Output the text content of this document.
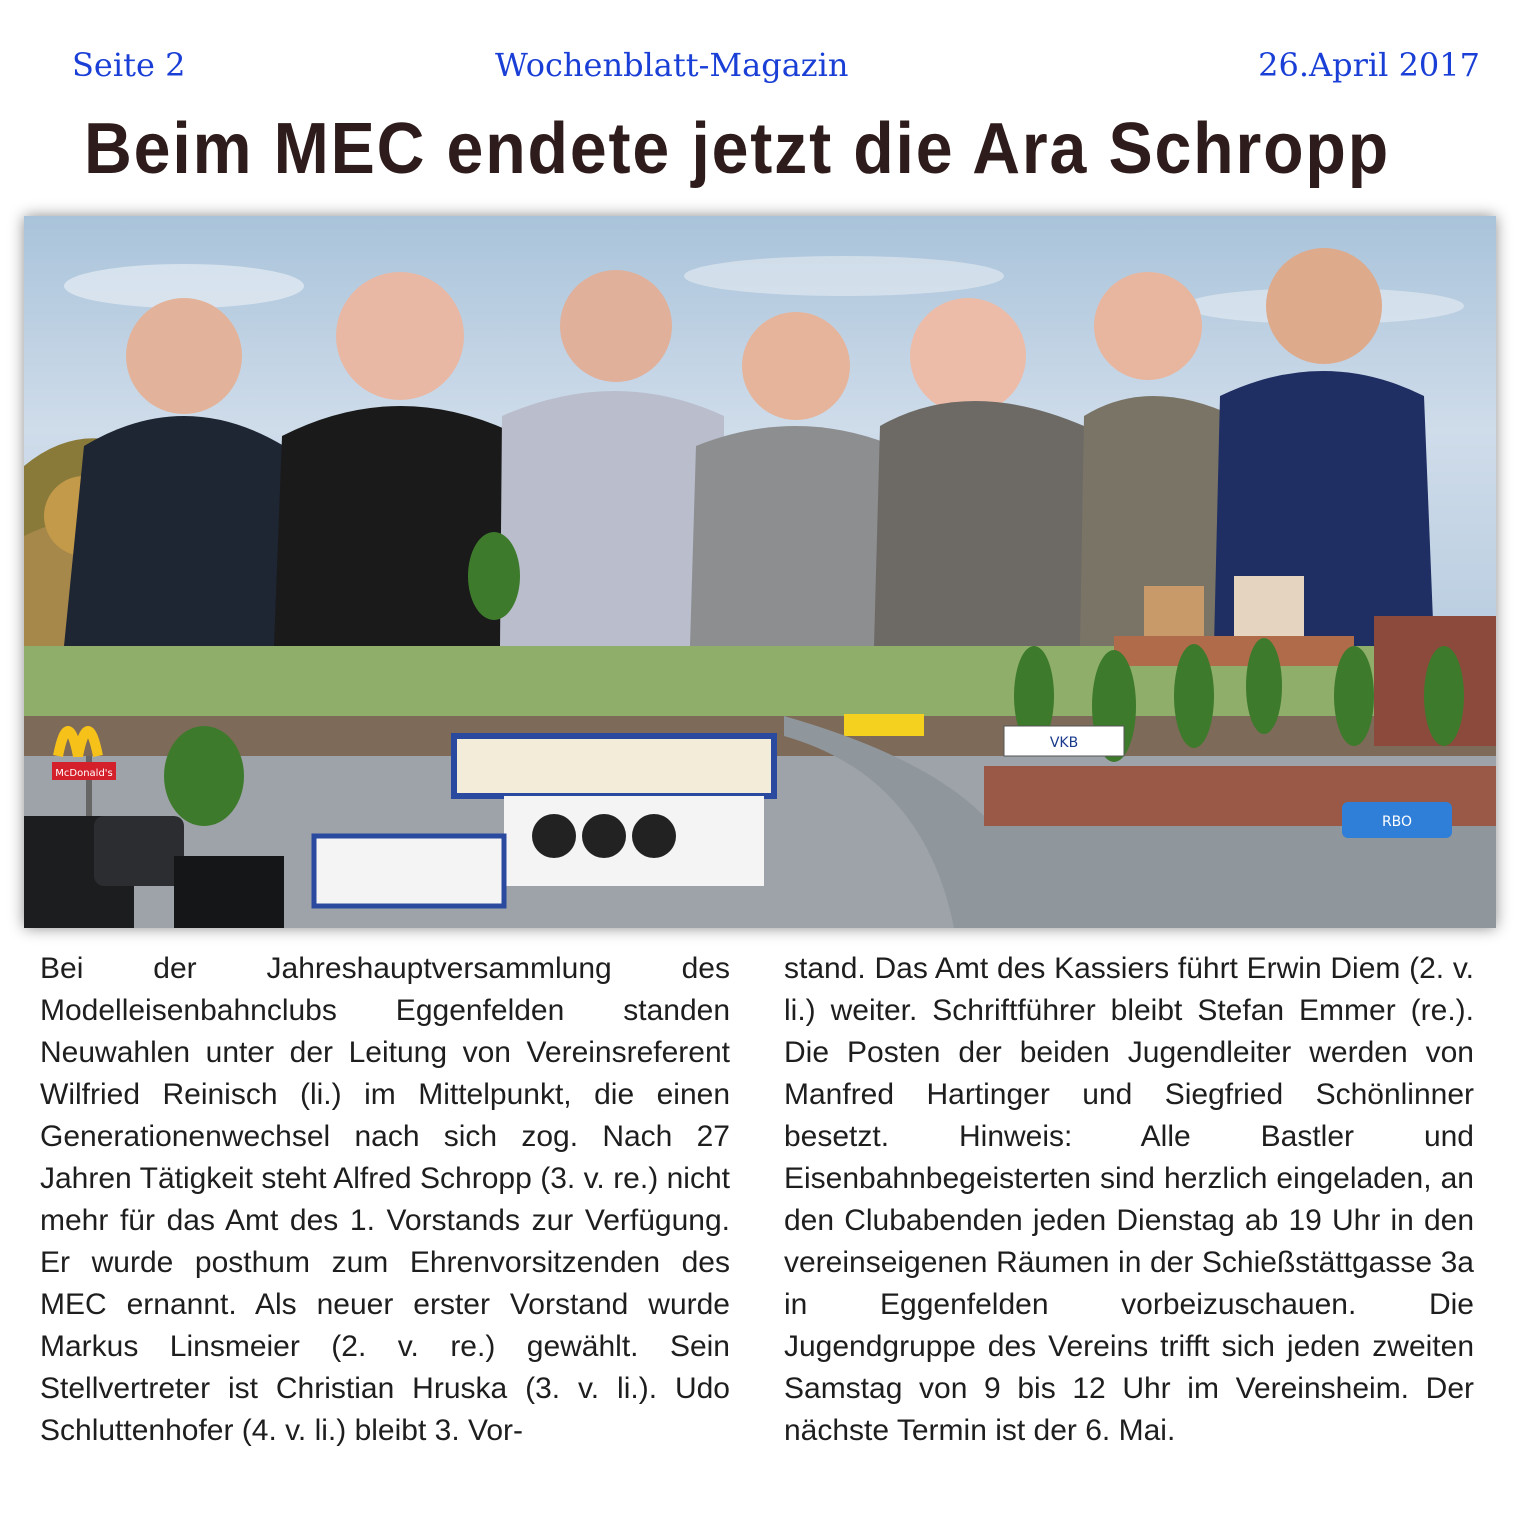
Seite 2	Wochenblatt-Magazin	26.April 2017
Beim MEC endete jetzt die Ara Schropp
VKB
RBO
McDonald's

Bei der Jahreshauptversammlung des Modelleisenbahnclubs Eggenfelden standen Neuwahlen unter der Leitung von Vereinsreferent Wilfried Reinisch (li.) im Mittelpunkt, die einen Generationenwechsel nach sich zog. Nach 27 Jahren Tätigkeit steht Alfred Schropp (3. v. re.) nicht mehr für das Amt des 1. Vorstands zur Verfügung. Er wurde posthum zum Ehrenvorsitzenden des MEC ernannt. Als neuer erster Vorstand wurde Markus Linsmeier (2. v. re.) gewählt. Sein Stellvertreter ist Christian Hruska (3. v. li.). Udo Schluttenhofer (4. v. li.) bleibt 3. Vor-

stand. Das Amt des Kassiers führt Erwin Diem (2. v. li.) weiter. Schriftführer bleibt Stefan Emmer (re.). Die Posten der beiden Jugendleiter werden von Manfred Hartinger und Siegfried Schönlinner besetzt. Hinweis: Alle Bastler und Eisenbahnbegeisterten sind herzlich eingeladen, an den Clubabenden jeden Dienstag ab 19 Uhr in den vereinseigenen Räumen in der Schießstättgasse 3a in Eggenfelden vorbeizuschauen. Die Jugendgruppe des Vereins trifft sich jeden zweiten Samstag von 9 bis 12 Uhr im Vereinsheim. Der nächste Termin ist der 6. Mai.
